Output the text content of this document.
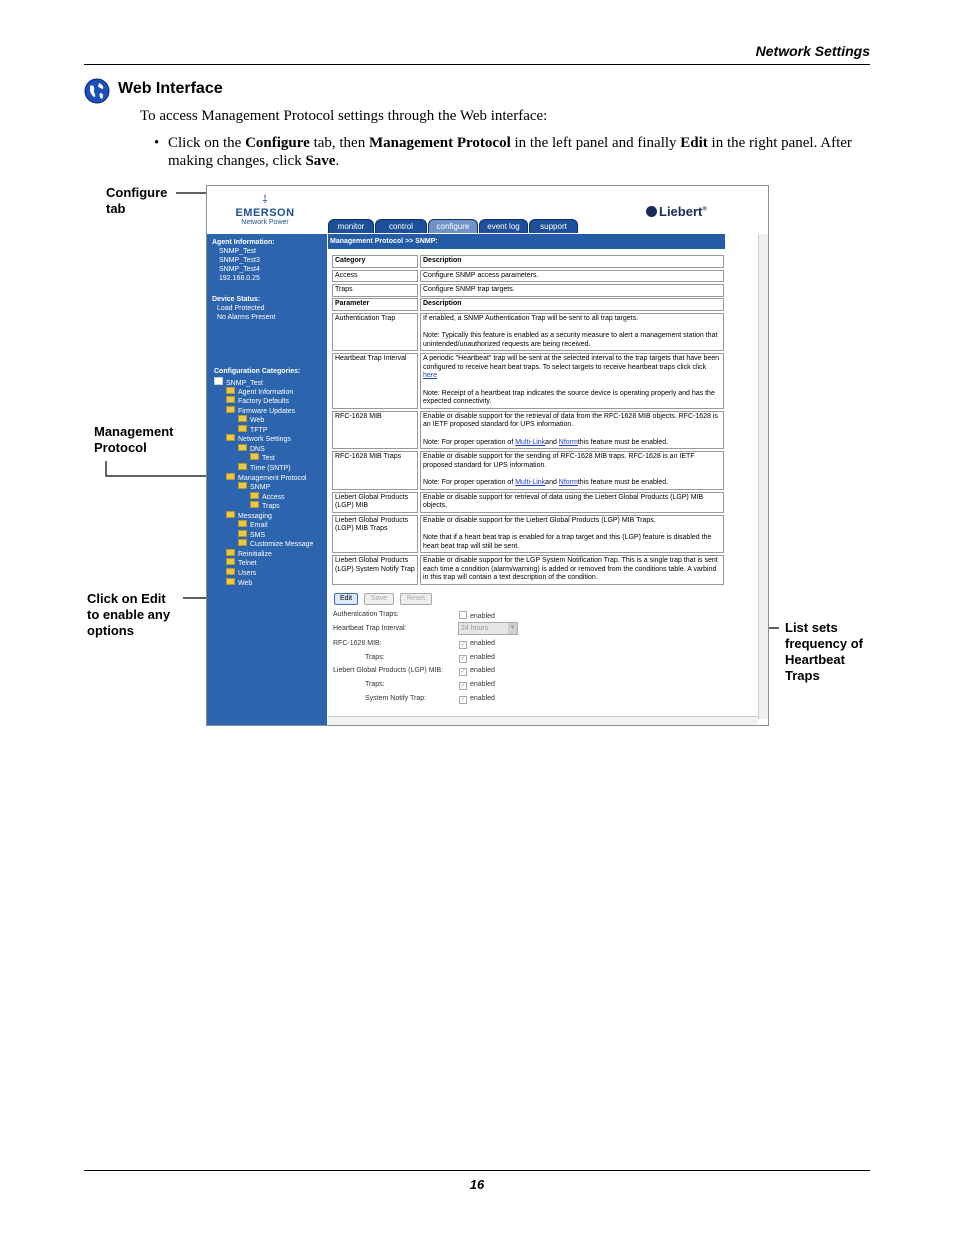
Network Settings
Web Interface
To access Management Protocol settings through the Web interface:
• Click on the Configure tab, then Management Protocol in the left panel and finally Edit in the right panel. After making changes, click Save.
Configure
tab
Management
Protocol
Click on Edit
to enable any
options	List sets
frequency of
Heartbeat
Traps
⸸
EMERSON
Network Power
Liebert®
monitor	control	configure	event log	support
Agent Information:
SNMP_Test
SNMP_Test3
SNMP_Test4
192.168.0.25
Device Status:
Load Protected
No Alarms Present
Configuration Categories:
SNMP_Test
Agent Information
Factory Defaults
Firmware Updates
Web
TFTP
Network Settings
DNS
Test
Time (SNTP)
Management Protocol
SNMP
Access
Traps
Messaging
Email
SMS
Customize Message
Reinitialize
Telnet
Users
Web
Management Protocol >> SNMP:
Category	Description
Access	Configure SNMP access parameters.
Traps	Configure SNMP trap targets.
Parameter	Description
Authentication Trap	If enabled, a SNMP Authentication Trap will be sent to all trap targets.
Note: Typically this feature is enabled as a security measure to alert a management station that unintended/unauthorized requests are being received.

Heartbeat Trap Interval	A periodic "Heartbeat" trap will be sent at the selected interval to the trap targets that have been configured to receive heart beat traps. To select targets to receive heartbeat traps click click here
Note: Receipt of a heartbeat trap indicates the source device is operating properly and has the expected connectivity.

RFC-1628 MIB	Enable or disable support for the retrieval of data from the RFC-1628 MIB objects. RFC-1628 is an IETF proposed standard for UPS information.
Note: For proper operation of Multi-Linkand Nformthis feature must be enabled.

RFC-1628 MIB Traps	Enable or disable support for the sending of RFC-1628 MIB traps. RFC-1628 is an IETF proposed standard for UPS information.
Note: For proper operation of Multi-Linkand Nformthis feature must be enabled.

Liebert Global Products (LGP) MIB	Enable or disable support for retrieval of data using the Liebert Global Products (LGP) MIB objects.
Liebert Global Products (LGP) MIB Traps	Enable or disable support for the Liebert Global Products (LGP) MIB Traps.
Note that if a heart beat trap is enabled for a trap target and this (LGP) feature is disabled the heart beat trap will still be sent.

Liebert Global Products (LGP) System Notify Trap	Enable or disable support for the LGP System Notification Trap. This is a single trap that is sent each time a condition (alarm/warning) is added or removed from the conditions table. A varbind in this trap will contain a text description of the condition.
Edit	Save	Reset
Authentication Traps:	enabled
Heartbeat Trap Interval:	24 hours	▼
RFC-1628 MIB:	✓ enabled
Traps:	✓ enabled
Liebert Global Products (LGP) MIB:	✓ enabled
Traps:	✓ enabled
System Notify Trap:	✓ enabled
16
